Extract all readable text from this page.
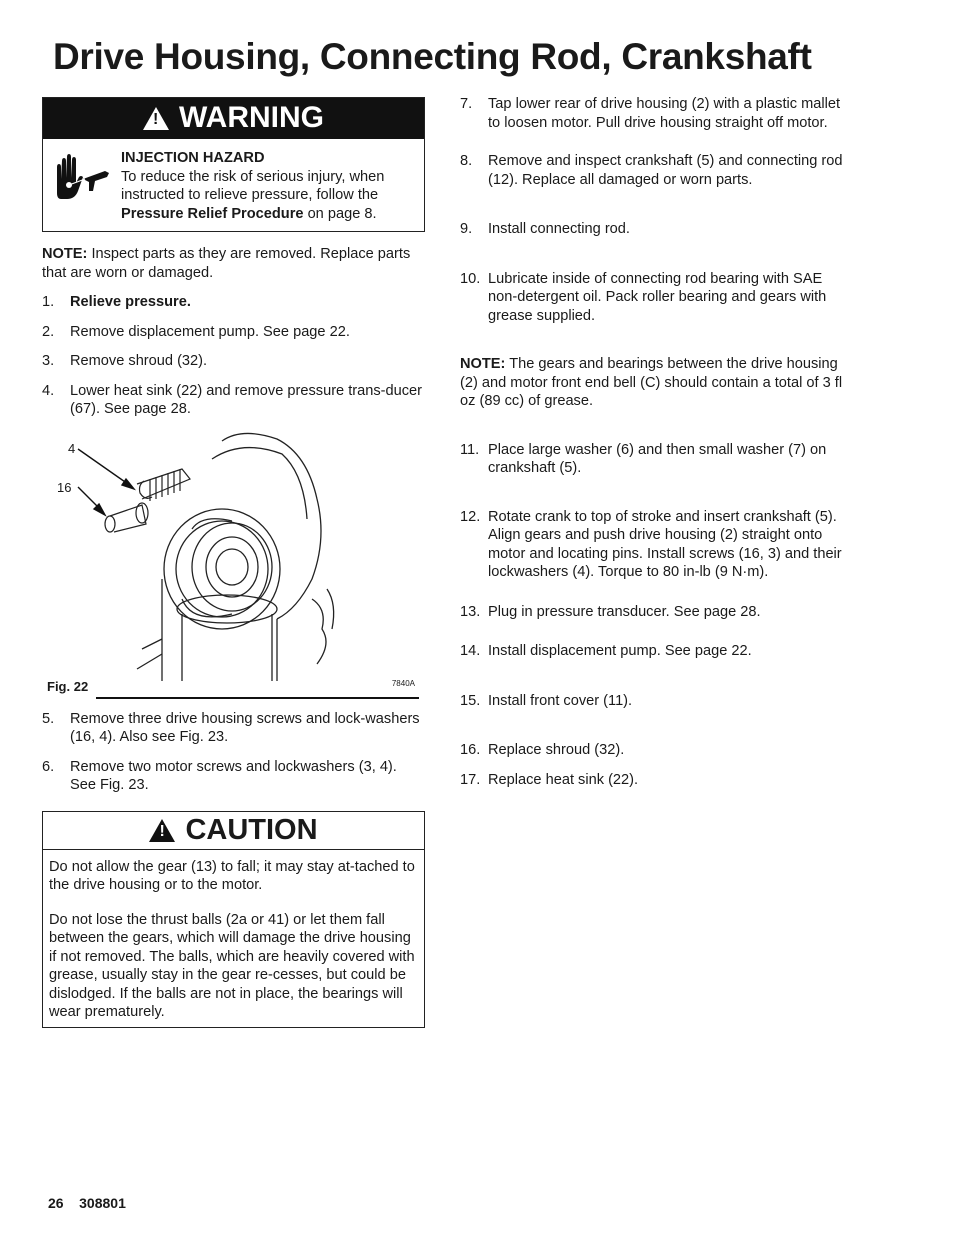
Drive Housing, Connecting Rod, Crankshaft
! WARNING
INJECTION HAZARD
To reduce the risk of serious injury, when instructed to relieve pressure, follow the Pressure Relief Procedure on page 8.
NOTE: Inspect parts as they are removed. Replace parts that are worn or damaged.
1.	Relieve pressure.
2.	Remove displacement pump. See page 22.
3.	Remove shroud (32).
4.	Lower heat sink (22) and remove pressure trans-ducer (67). See page 28.
4
16
Fig. 22	7840A
5.	Remove three drive housing screws and lock-washers (16, 4). Also see Fig. 23.
6.	Remove two motor screws and lockwashers (3, 4). See Fig. 23.
! CAUTION

Do not allow the gear (13) to fall; it may stay at-tached to the drive housing or to the motor.

Do not lose the thrust balls (2a or 41) or let them fall between the gears, which will damage the drive housing if not removed. The balls, which are heavily covered with grease, usually stay in the gear re-cesses, but could be dislodged. If the balls are not in place, the bearings will wear prematurely.

7.	Tap lower rear of drive housing (2) with a plastic mallet to loosen motor. Pull drive housing straight off motor.
8.	Remove and inspect crankshaft (5) and connecting rod (12). Replace all damaged or worn parts.
9.	Install connecting rod.
10. Lubricate inside of connecting rod bearing with SAE non-detergent oil. Pack roller bearing and gears with grease supplied.
NOTE: The gears and bearings between the drive housing (2) and motor front end bell (C) should contain a total of 3 fl oz (89 cc) of grease.
11. Place large washer (6) and then small washer (7) on crankshaft (5).
12. Rotate crank to top of stroke and insert crankshaft (5). Align gears and push drive housing (2) straight onto motor and locating pins. Install screws (16, 3) and their lockwashers (4). Torque to 80 in-lb (9 N·m).
13. Plug in pressure transducer. See page 28.
14. Install displacement pump. See page 22.
15. Install front cover (11).
16. Replace shroud (32).
17. Replace heat sink (22).
26 308801
